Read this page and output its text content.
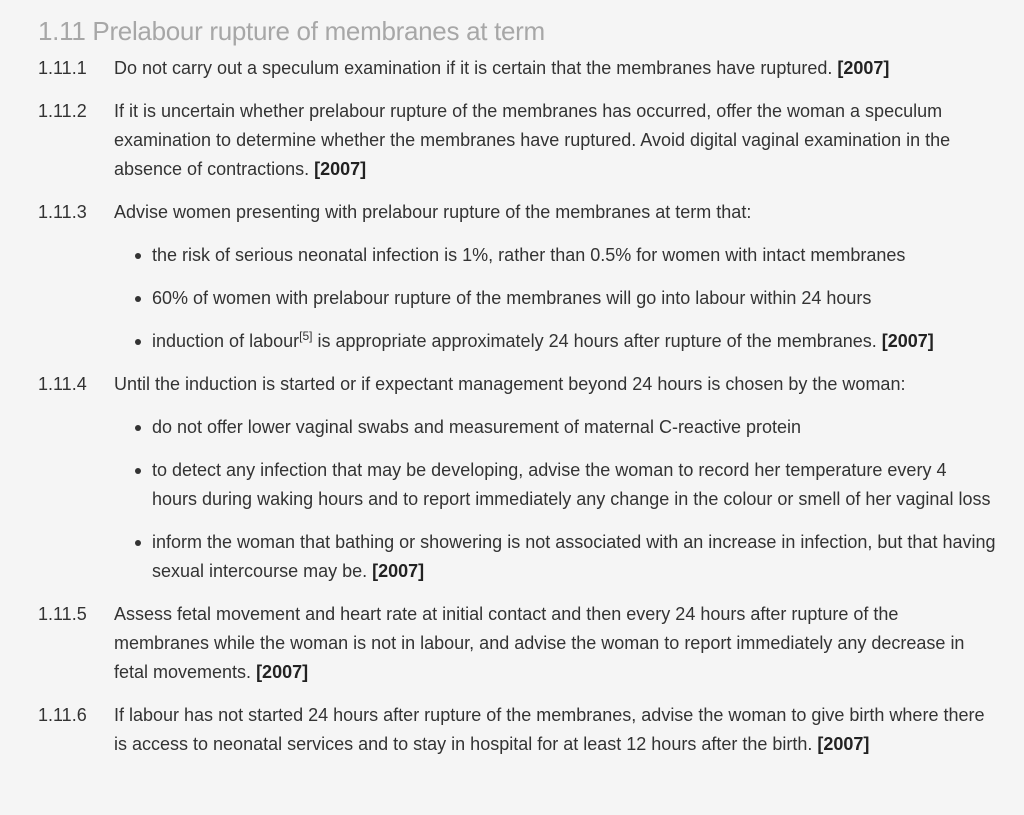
1.11 Prelabour rupture of membranes at term
1.11.1	Do not carry out a speculum examination if it is certain that the membranes have ruptured. [2007]
1.11.2	If it is uncertain whether prelabour rupture of the membranes has occurred, offer the woman a speculum examination to determine whether the membranes have ruptured. Avoid digital vaginal examination in the absence of contractions. [2007]
1.11.3	Advise women presenting with prelabour rupture of the membranes at term that:
the risk of serious neonatal infection is 1%, rather than 0.5% for women with intact membranes
60% of women with prelabour rupture of the membranes will go into labour within 24 hours
induction of labour[5] is appropriate approximately 24 hours after rupture of the membranes. [2007]
1.11.4	Until the induction is started or if expectant management beyond 24 hours is chosen by the woman:
do not offer lower vaginal swabs and measurement of maternal C-reactive protein
to detect any infection that may be developing, advise the woman to record her temperature every 4 hours during waking hours and to report immediately any change in the colour or smell of her vaginal loss
inform the woman that bathing or showering is not associated with an increase in infection, but that having sexual intercourse may be. [2007]
1.11.5	Assess fetal movement and heart rate at initial contact and then every 24 hours after rupture of the membranes while the woman is not in labour, and advise the woman to report immediately any decrease in fetal movements. [2007]
1.11.6	If labour has not started 24 hours after rupture of the membranes, advise the woman to give birth where there is access to neonatal services and to stay in hospital for at least 12 hours after the birth. [2007]
